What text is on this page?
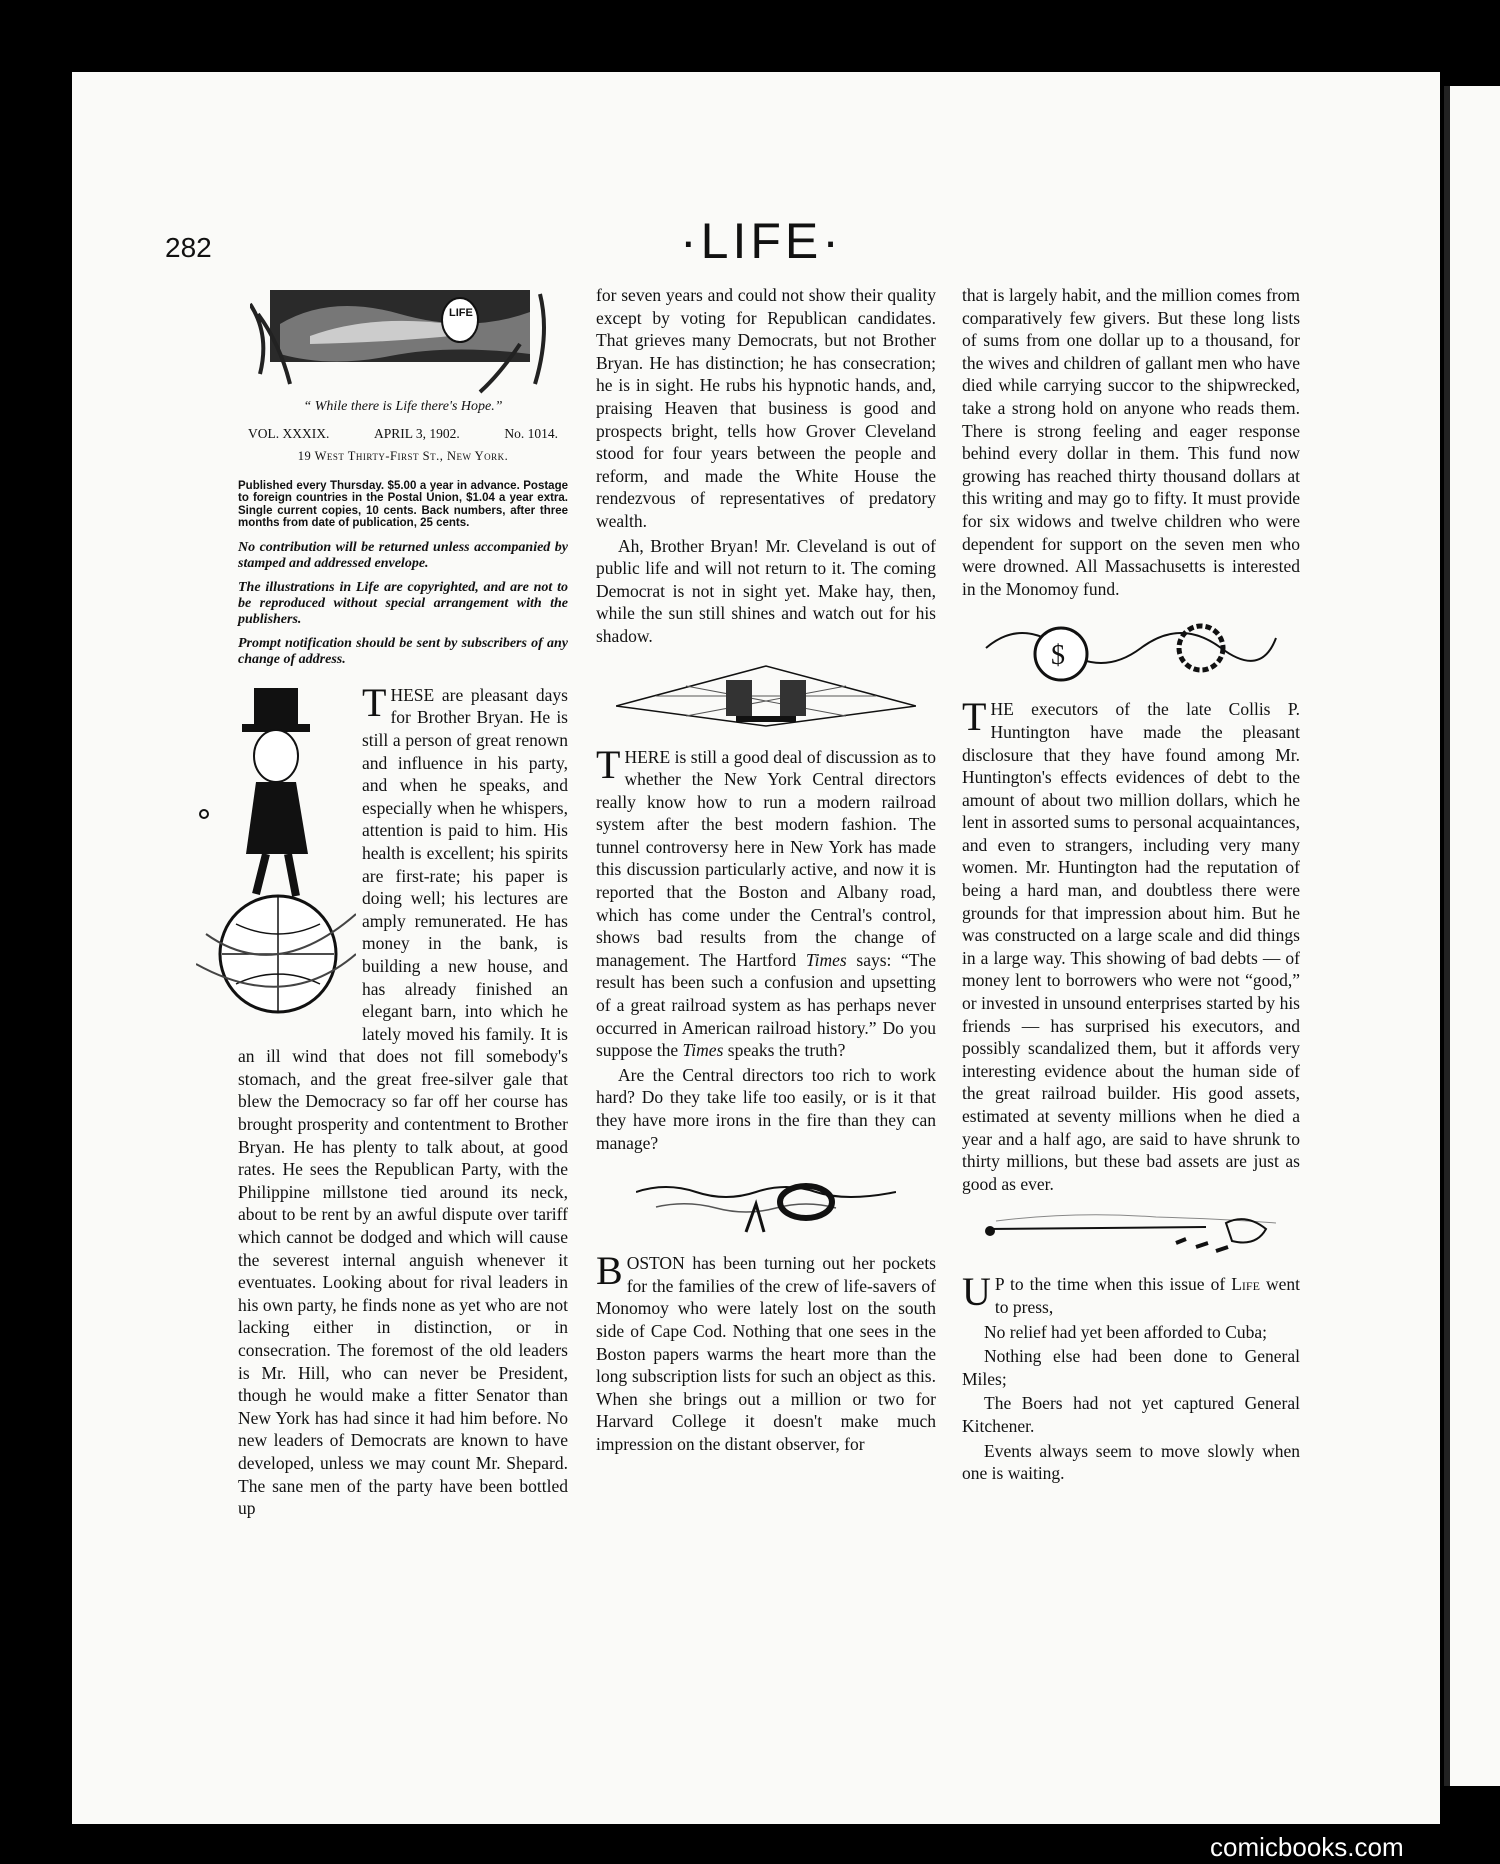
282	·LIFE·
LIFE
“ While there is Life there's Hope.”
VOL. XXXIX.	APRIL 3, 1902.	No. 1014.
19 West Thirty-First St., New York.
Published every Thursday. $5.00 a year in advance. Postage to foreign countries in the Postal Union, $1.04 a year extra. Single current copies, 10 cents. Back numbers, after three months from date of publication, 25 cents.
No contribution will be returned unless accompanied by stamped and addressed envelope.
The illustrations in Life are copyrighted, and are not to be reproduced without special arrangement with the publishers.
Prompt notification should be sent by subscribers of any change of address.

THESE are pleasant days for Brother Bryan. He is still a person of great renown and influence in his party, and when he speaks, and especially when he whispers, attention is paid to him. His health is excellent; his spirits are first-rate; his paper is doing well; his lectures are amply remunerated. He has money in the bank, is building a new house, and has already finished an elegant barn, into which he lately moved his family. It is an ill wind that does not fill somebody's stomach, and the great free-silver gale that blew the Democracy so far off her course has brought prosperity and contentment to Brother Bryan. He has plenty to talk about, at good rates. He sees the Republican Party, with the Philippine millstone tied around its neck, about to be rent by an awful dispute over tariff which cannot be dodged and which will cause the severest internal anguish whenever it eventuates. Looking about for rival leaders in his own party, he finds none as yet who are not lacking either in distinction, or in consecration. The foremost of the old leaders is Mr. Hill, who can never be President, though he would make a fitter Senator than New York has had since it had him before. No new leaders of Democrats are known to have developed, unless we may count Mr. Shepard. The sane men of the party have been bottled up

for seven years and could not show their quality except by voting for Republican candidates. That grieves many Democrats, but not Brother Bryan. He has distinction; he has consecration; he is in sight. He rubs his hypnotic hands, and, praising Heaven that business is good and prospects bright, tells how Grover Cleveland stood for four years between the people and reform, and made the White House the rendezvous of representatives of predatory wealth.

Ah, Brother Bryan! Mr. Cleveland is out of public life and will not return to it. The coming Democrat is not in sight yet. Make hay, then, while the sun still shines and watch out for his shadow.

THERE is still a good deal of discussion as to whether the New York Central directors really know how to run a modern railroad system after the best modern fashion. The tunnel controversy here in New York has made this discussion particularly active, and now it is reported that the Boston and Albany road, which has come under the Central's control, shows bad results from the change of management. The Hartford Times says: “The result has been such a confusion and upsetting of a great railroad system as has perhaps never occurred in American railroad history.” Do you suppose the Times speaks the truth?

Are the Central directors too rich to work hard? Do they take life too easily, or is it that they have more irons in the fire than they can manage?

BOSTON has been turning out her pockets for the families of the crew of life-savers of Monomoy who were lately lost on the south side of Cape Cod. Nothing that one sees in the Boston papers warms the heart more than the long subscription lists for such an object as this. When she brings out a million or two for Harvard College it doesn't make much impression on the distant observer, for

that is largely habit, and the million comes from comparatively few givers. But these long lists of sums from one dollar up to a thousand, for the wives and children of gallant men who have died while carrying succor to the shipwrecked, take a strong hold on anyone who reads them. There is strong feeling and eager response behind every dollar in them. This fund now growing has reached thirty thousand dollars at this writing and may go to fifty. It must provide for six widows and twelve children who were dependent for support on the seven men who were drowned. All Massachusetts is interested in the Monomoy fund.

$

THE executors of the late Collis P. Huntington have made the pleasant disclosure that they have found among Mr. Huntington's effects evidences of debt to the amount of about two million dollars, which he lent in assorted sums to personal acquaintances, and even to strangers, including very many women. Mr. Huntington had the reputation of being a hard man, and doubtless there were grounds for that impression about him. But he was constructed on a large scale and did things in a large way. This showing of bad debts — of money lent to borrowers who were not “good,” or invested in unsound enterprises started by his friends — has surprised his executors, and possibly scandalized them, but it affords very interesting evidence about the human side of the great railroad builder. His good assets, estimated at seventy millions when he died a year and a half ago, are said to have shrunk to thirty millions, but these bad assets are just as good as ever.

U P to the time when this issue of Life went to press,

No relief had yet been afforded to Cuba;

Nothing else had been done to General Miles;

The Boers had not yet captured General Kitchener.

Events always seem to move slowly when one is waiting.

comicbooks.com
